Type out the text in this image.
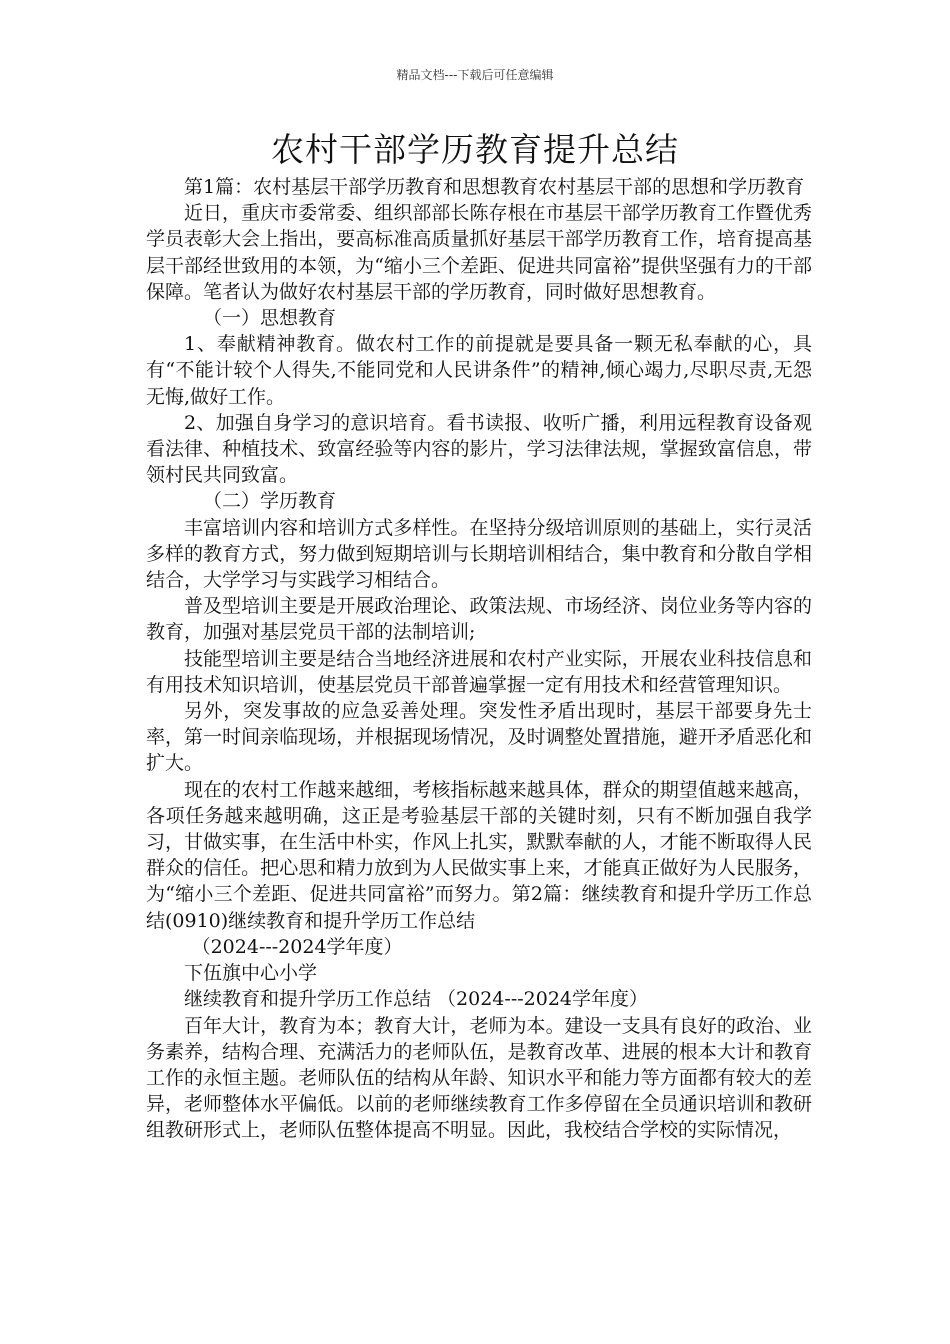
精品文档---下载后可任意编辑
农村干部学历教育提升总结

第1篇：农村基层干部学历教育和思想教育农村基层干部的思想和学历教育

近日，重庆市委常委、组织部部长陈存根在市基层干部学历教育工作暨优秀学员表彰大会上指出，要高标准高质量抓好基层干部学历教育工作，培育提高基层干部经世致用的本领，为“缩小三个差距、促进共同富裕”提供坚强有力的干部保障。笔者认为做好农村基层干部的学历教育，同时做好思想教育。

（一）思想教育

1、奉献精神教育。做农村工作的前提就是要具备一颗无私奉献的心，具有“不能计较个人得失,不能同党和人民讲条件”的精神,倾心竭力,尽职尽责,无怨无悔,做好工作。

2、加强自身学习的意识培育。看书读报、收听广播，利用远程教育设备观看法律、种植技术、致富经验等内容的影片，学习法律法规，掌握致富信息，带领村民共同致富。

（二）学历教育

丰富培训内容和培训方式多样性。在坚持分级培训原则的基础上，实行灵活多样的教育方式，努力做到短期培训与长期培训相结合，集中教育和分散自学相结合，大学学习与实践学习相结合。

普及型培训主要是开展政治理论、政策法规、市场经济、岗位业务等内容的教育，加强对基层党员干部的法制培训;

技能型培训主要是结合当地经济进展和农村产业实际，开展农业科技信息和有用技术知识培训，使基层党员干部普遍掌握一定有用技术和经营管理知识。

另外，突发事故的应急妥善处理。突发性矛盾出现时，基层干部要身先士率，第一时间亲临现场，并根据现场情况，及时调整处置措施，避开矛盾恶化和扩大。

现在的农村工作越来越细，考核指标越来越具体，群众的期望值越来越高，各项任务越来越明确，这正是考验基层干部的关键时刻，只有不断加强自我学习，甘做实事，在生活中朴实，作风上扎实，默默奉献的人，才能不断取得人民群众的信任。把心思和精力放到为人民做实事上来，才能真正做好为人民服务，为“缩小三个差距、促进共同富裕”而努力。第2篇：继续教育和提升学历工作总结(0910)继续教育和提升学历工作总结

（2024---2024学年度）

下伍旗中心小学

继续教育和提升学历工作总结 （2024---2024学年度）

百年大计，教育为本；教育大计，老师为本。建设一支具有良好的政治、业务素养，结构合理、充满活力的老师队伍，是教育改革、进展的根本大计和教育工作的永恒主题。老师队伍的结构从年龄、知识水平和能力等方面都有较大的差异，老师整体水平偏低。以前的老师继续教育工作多停留在全员通识培训和教研组教研形式上，老师队伍整体提高不明显。因此，我校结合学校的实际情况，
